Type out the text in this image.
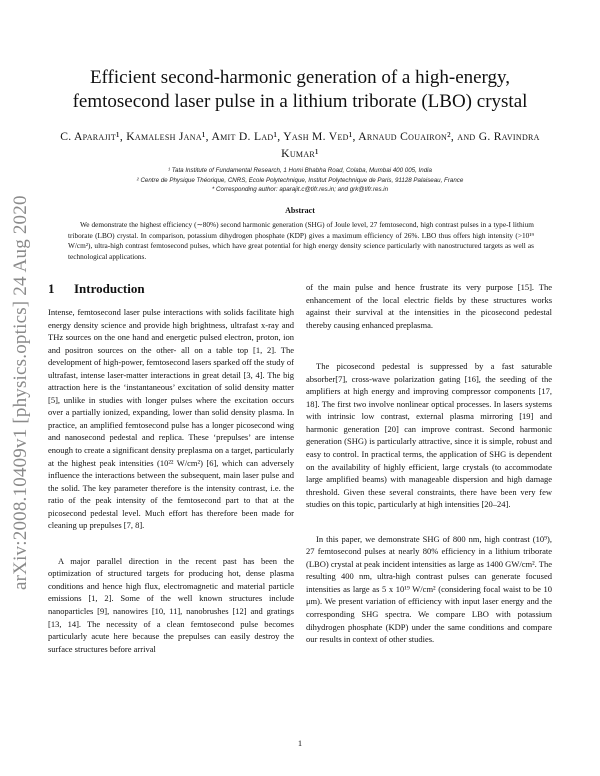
arXiv:2008.10409v1 [physics.optics] 24 Aug 2020
Efficient second-harmonic generation of a high-energy, femtosecond laser pulse in a lithium triborate (LBO) crystal
C. Aparajit¹, Kamalesh Jana¹, Amit D. Lad¹, Yash M. Ved¹, Arnaud Couairon², and G. Ravindra Kumar¹
¹ Tata Institute of Fundamental Research, 1 Homi Bhabha Road, Colaba, Mumbai 400 005, India
² Centre de Physique Théorique, CNRS, Ecole Polytechnique, Institut Polytechnique de Paris, 91128 Palaiseau, France
* Corresponding author: aparajit.c@tifr.res.in; and grk@tifr.res.in
Abstract
We demonstrate the highest efficiency (∼80%) second harmonic generation (SHG) of Joule level, 27 femtosecond, high contrast pulses in a type-I lithium triborate (LBO) crystal. In comparison, potassium dihydrogen phosphate (KDP) gives a maximum efficiency of 26%. LBO thus offers high intensity (>10¹⁹ W/cm²), ultra-high contrast femtosecond pulses, which have great potential for high energy density science particularly with nanostructured targets as well as technological applications.
1 Introduction

Intense, femtosecond laser pulse interactions with solids facilitate high energy density science and provide high brightness, ultrafast x-ray and THz sources on the one hand and energetic pulsed electron, proton, ion and positron sources on the other- all on a table top [1, 2]. The development of high-power, femtosecond lasers sparked off the study of ultrafast, intense laser-matter interactions in great detail [3, 4]. The big attraction here is the ‘instantaneous’ excitation of solid density matter [5], unlike in studies with longer pulses where the excitation occurs over a partially ionized, expanding, lower than solid density plasma. In practice, an amplified femtosecond pulse has a longer picosecond wing and nanosecond pedestal and replica. These ‘prepulses’ are intense enough to create a significant density preplasma on a target, particularly at the highest peak intensities (10²² W/cm²) [6], which can adversely influence the interactions between the subsequent, main laser pulse and the solid. The key parameter therefore is the intensity contrast, i.e. the ratio of the peak intensity of the femtosecond part to that at the picosecond pedestal level. Much effort has therefore been made for cleaning up prepulses [7, 8].

A major parallel direction in the recent past has been the optimization of structured targets for producing hot, dense plasma conditions and hence high flux, electromagnetic and material particle emissions [1, 2]. Some of the well known structures include nanoparticles [9], nanowires [10, 11], nanobrushes [12] and gratings [13, 14]. The necessity of a clean femtosecond pulse becomes particularly acute here because the prepulses can easily destroy the surface structures before arrival

of the main pulse and hence frustrate its very purpose [15]. The enhancement of the local electric fields by these structures works against their survival at the intensities in the picosecond pedestal thereby causing enhanced preplasma.

The picosecond pedestal is suppressed by a fast saturable absorber[7], cross-wave polarization gating [16], the seeding of the amplifiers at high energy and improving compressor components [17, 18]. The first two involve nonlinear optical processes. In lasers systems with intrinsic low contrast, external plasma mirroring [19] and harmonic generation [20] can improve contrast. Second harmonic generation (SHG) is particularly attractive, since it is simple, robust and easy to control. In practical terms, the application of SHG is dependent on the availability of highly efficient, large crystals (to accommodate large amplified beams) with manageable dispersion and high damage threshold. Given these several constraints, there have been very few studies on this topic, particularly at high intensities [20–24].

In this paper, we demonstrate SHG of 800 nm, high contrast (10⁹), 27 femtosecond pulses at nearly 80% efficiency in a lithium triborate (LBO) crystal at peak incident intensities as large as 1400 GW/cm². The resulting 400 nm, ultra-high contrast pulses can generate focused intensities as large as 5 x 10¹⁹ W/cm² (considering focal waist to be 10 μm). We present variation of efficiency with input laser energy and the corresponding SHG spectra. We compare LBO with potassium dihydrogen phosphate (KDP) under the same conditions and compare our results in context of other studies.

1
